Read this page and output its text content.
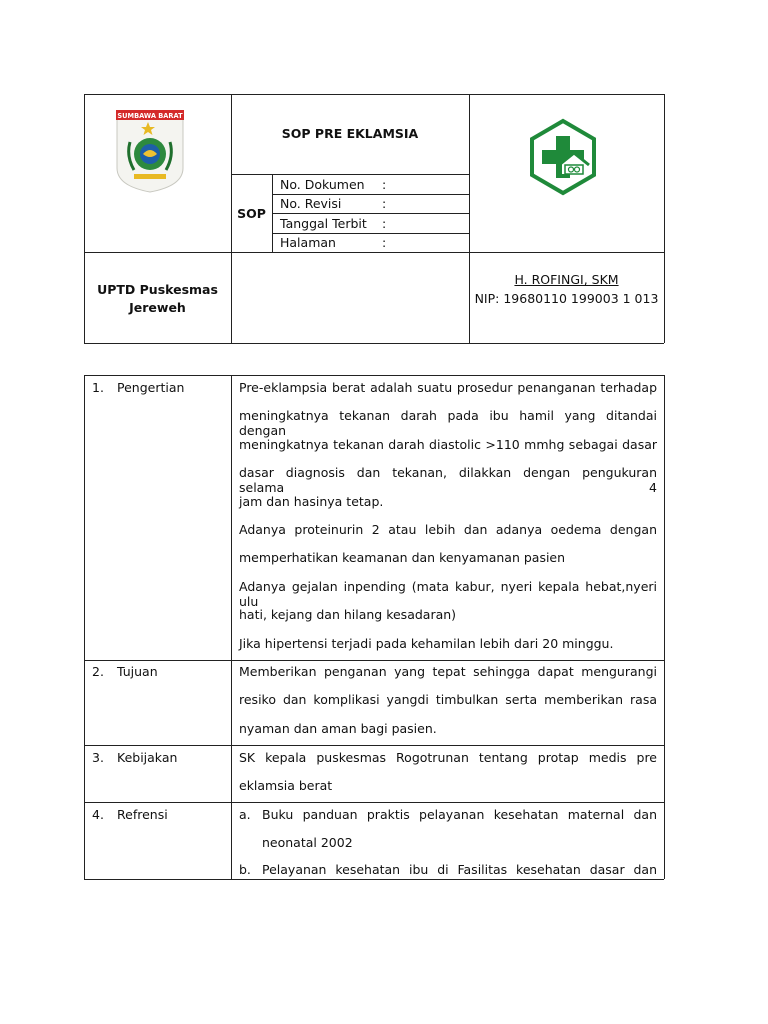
SUMBAWA BARAT
SOP PRE EKLAMSIA
SOP
No. Dokumen :
No. Revisi	:
Tanggal Terbit :
Halaman	:
UPTD Puskesmas
Jereweh
H. ROFINGI, SKM
NIP: 19680110 199003 1 013
1. Pengertian	Pre-eklampsia berat adalah suatu prosedur penanganan terhadap
meningkatnya tekanan darah pada ibu hamil yang ditandai dengan
meningkatnya tekanan darah diastolic >110 mmhg sebagai dasar
dasar diagnosis dan tekanan, dilakkan dengan pengukuran selama 4
jam dan hasinya tetap.
Adanya proteinurin 2 atau lebih dan adanya oedema dengan
memperhatikan keamanan dan kenyamanan pasien
Adanya gejalan inpending (mata kabur, nyeri kepala hebat,nyeri ulu
hati, kejang dan hilang kesadaran)
Jika hipertensi terjadi pada kehamilan lebih dari 20 minggu.
2. Tujuan	Memberikan penganan yang tepat sehingga dapat mengurangi
resiko dan komplikasi yangdi timbulkan serta memberikan rasa
nyaman dan aman bagi pasien.
3. Kebijakan	SK kepala puskesmas Rogotrunan tentang protap medis pre
eklamsia berat
4. Refrensi	a. Buku panduan praktis pelayanan kesehatan maternal dan
neonatal 2002
b. Pelayanan kesehatan ibu di Fasilitas kesehatan dasar dan
